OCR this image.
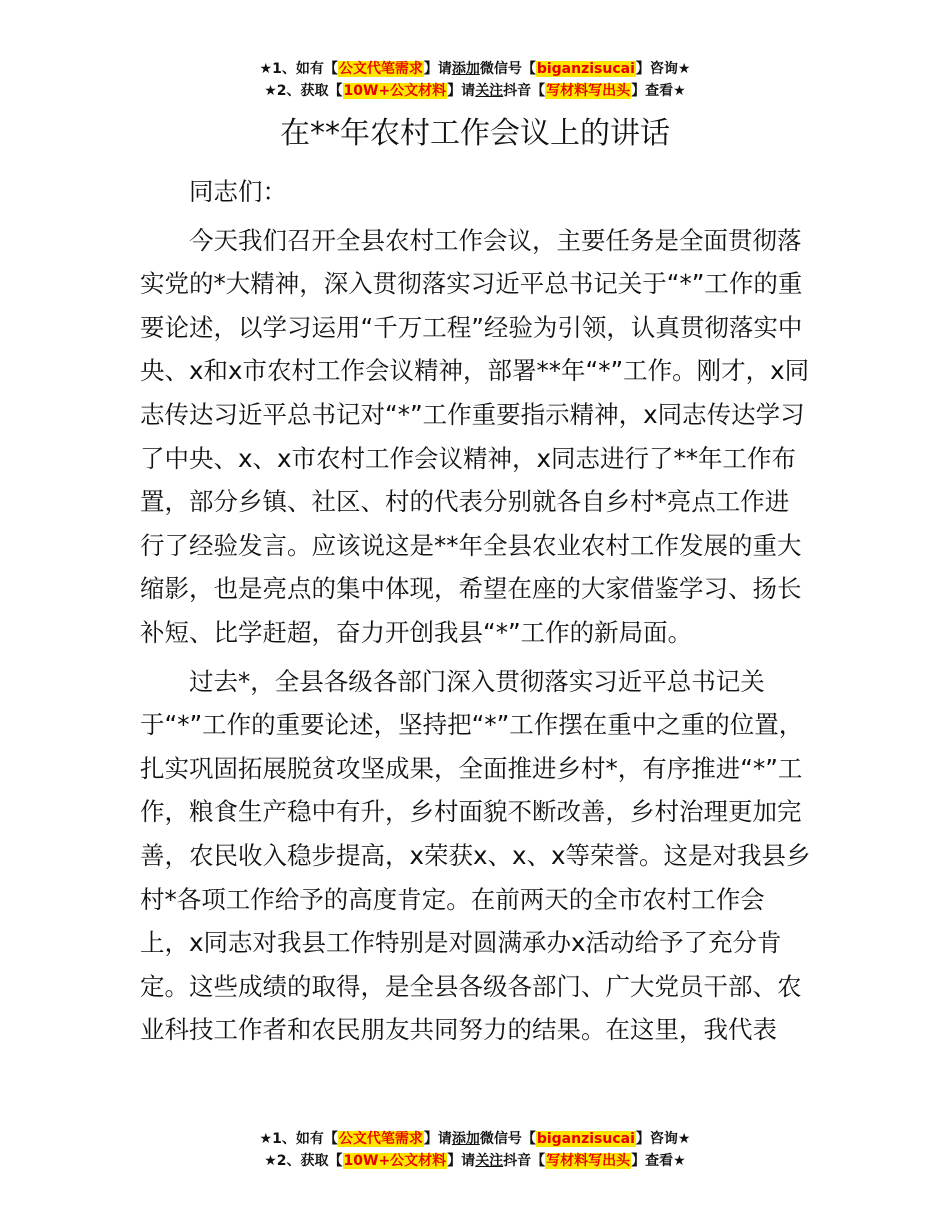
★1、如有【公文代笔需求】请添加微信号【biganzisucai】咨询★
★2、获取【10W+公文材料】请关注抖音【写材料写出头】查看★
在**年农村工作会议上的讲话

同志们：

今天我们召开全县农村工作会议，主要任务是全面贯彻落实党的*大精神，深入贯彻落实习近平总书记关于“*”工作的重要论述，以学习运用“千万工程”经验为引领，认真贯彻落实中央、x和x市农村工作会议精神，部署**年“*”工作。刚才，x同志传达习近平总书记对“*”工作重要指示精神，x同志传达学习了中央、x、x市农村工作会议精神，x同志进行了**年工作布置，部分乡镇、社区、村的代表分别就各自乡村*亮点工作进行了经验发言。应该说这是**年全县农业农村工作发展的重大缩影，也是亮点的集中体现，希望在座的大家借鉴学习、扬长补短、比学赶超，奋力开创我县“*”工作的新局面。

过去*，全县各级各部门深入贯彻落实习近平总书记关于“*”工作的重要论述，坚持把“*”工作摆在重中之重的位置，扎实巩固拓展脱贫攻坚成果，全面推进乡村*，有序推进“*”工作，粮食生产稳中有升，乡村面貌不断改善，乡村治理更加完善，农民收入稳步提高，x荣获x、x、x等荣誉。这是对我县乡村*各项工作给予的高度肯定。在前两天的全市农村工作会上，x同志对我县工作特别是对圆满承办x活动给予了充分肯定。这些成绩的取得，是全县各级各部门、广大党员干部、农业科技工作者和农民朋友共同努力的结果。在这里，我代表

★1、如有【公文代笔需求】请添加微信号【biganzisucai】咨询★
★2、获取【10W+公文材料】请关注抖音【写材料写出头】查看★
